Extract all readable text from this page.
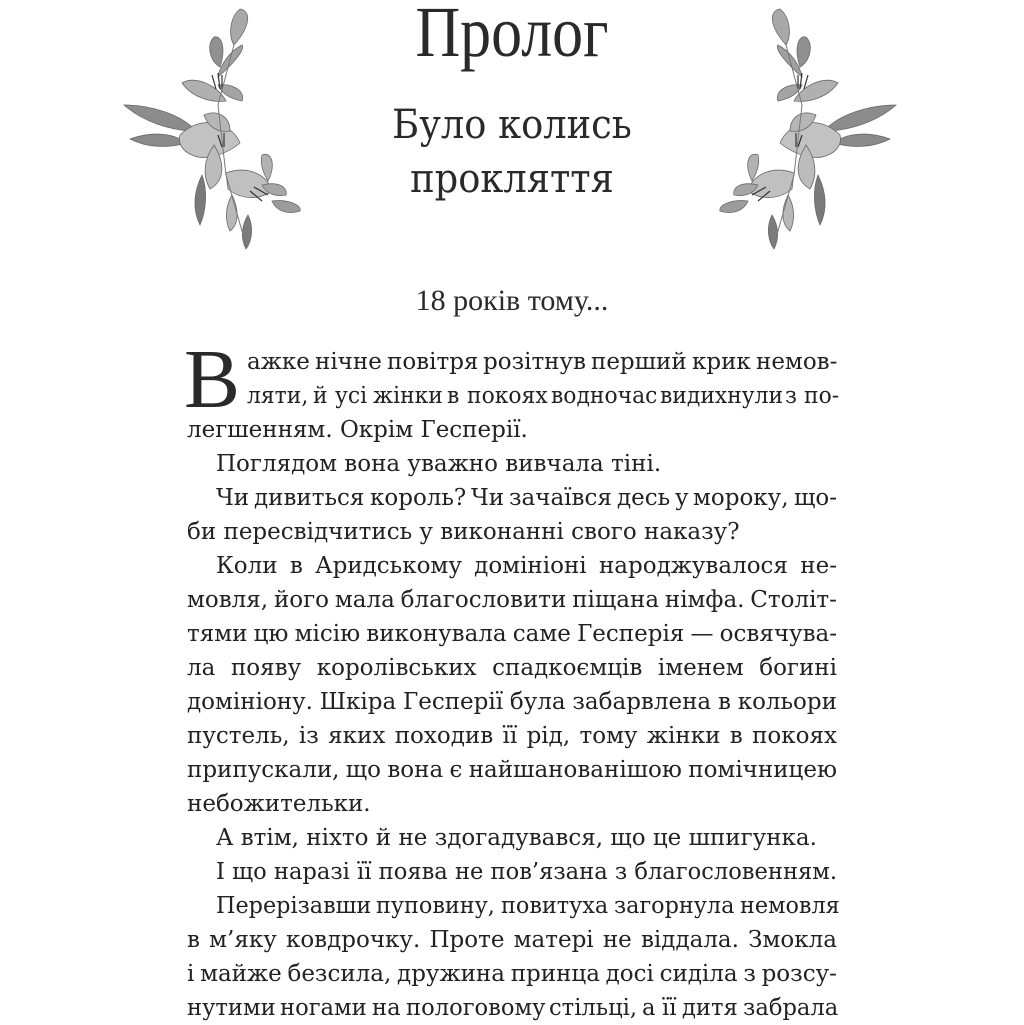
Пролог
Було колись
прокляття
18 років тому...
В ажке нічне повітря розітнув перший крик немов-
ляти, й усі жінки в покоях водночас видихнули з по-
легшенням. Окрім Гесперії.
Поглядом вона уважно вивчала тіні.
Чи дивиться король? Чи зачаївся десь у мороку, що-
би пересвідчитись у виконанні свого наказу?
Коли в Аридському домініоні народжувалося не-
мовля, його мала благословити піщана німфа. Століт-
тями цю місію виконувала саме Гесперія — освячува-
ла появу королівських спадкоємців іменем богині
домініону. Шкіра Гесперії була забарвлена в кольори
пустель, із яких походив її рід, тому жінки в покоях
припускали, що вона є найшанованішою помічницею
небожительки.
А втім, ніхто й не здогадувався, що це шпигунка.
І що наразі її поява не пов’язана з благословенням.
Перерізавши пуповину, повитуха загорнула немовля
в м’яку ковдрочку. Проте матері не віддала. Змокла
і майже безсила, дружина принца досі сиділа з розсу-
нутими ногами на пологовому стільці, а її дитя забрала
